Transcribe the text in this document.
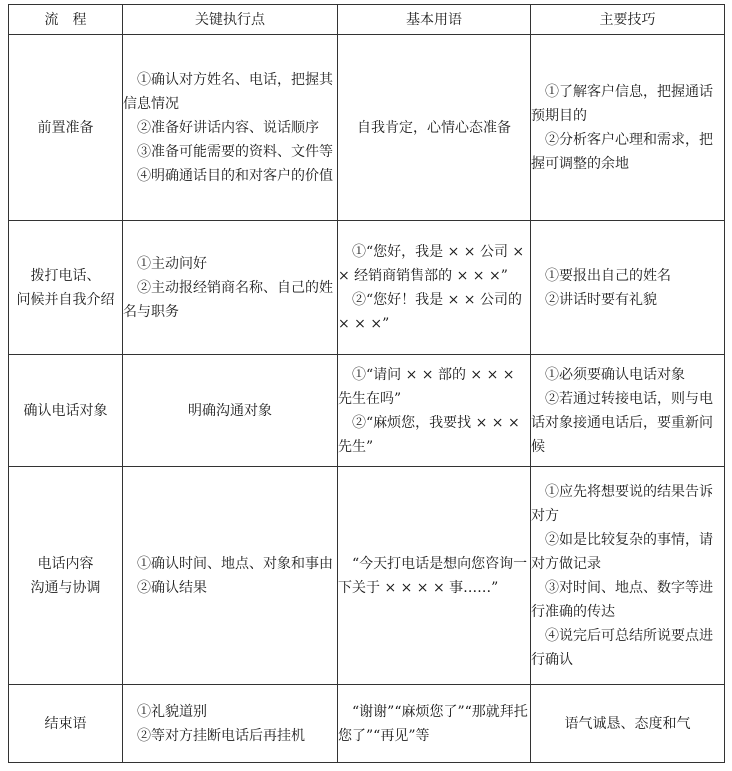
流　程	关键执行点	基本用语	主要技巧

前置准备	①确认对方姓名、电话，把握其信息情况
②准备好讲话内容、说话顺序
③准备可能需要的资料、文件等
④明确通话目的和对客户的价值	自我肯定，心情心态准备	①了解客户信息，把握通话预期目的
②分析客户心理和需求，把握可调整的余地

拨打电话、
问候并自我介绍	①主动问好
②主动报经销商名称、自己的姓名与职务	①“您好，我是 × × 公司 × × 经销商销售部的 × × ×”
②“您好！我是 × × 公司的 × × ×”	①要报出自己的姓名
②讲话时要有礼貌

确认电话对象	明确沟通对象	①“请问 × × 部的 × × × 先生在吗”
②“麻烦您，我要找 × × × 先生”	①必须要确认电话对象
②若通过转接电话，则与电话对象接通电话后，要重新问候

电话内容
沟通与协调	①确认时间、地点、对象和事由
②确认结果	“今天打电话是想向您咨询一下关于 × × × × 事……”	①应先将想要说的结果告诉对方
②如是比较复杂的事情，请对方做记录
③对时间、地点、数字等进行准确的传达
④说完后可总结所说要点进行确认

结束语	①礼貌道别
②等对方挂断电话后再挂机	“谢谢”“麻烦您了”“那就拜托您了”“再见”等	语气诚恳、态度和气
